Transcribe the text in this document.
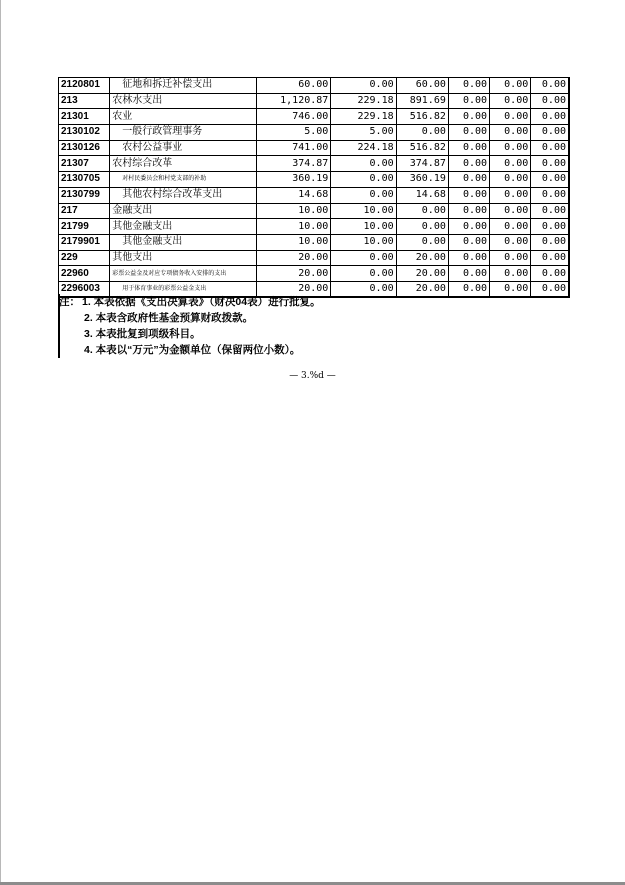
2120801	征地和拆迁补偿支出	60.00	0.00	60.00	0.00	0.00	0.00
213	农林水支出	1,120.87	229.18	891.69	0.00	0.00	0.00
21301	农业	746.00	229.18	516.82	0.00	0.00	0.00
2130102	一般行政管理事务	5.00	5.00	0.00	0.00	0.00	0.00
2130126	农村公益事业	741.00	224.18	516.82	0.00	0.00	0.00
21307	农村综合改革	374.87	0.00	374.87	0.00	0.00	0.00
2130705	对村民委员会和村党支部的补助	360.19	0.00	360.19	0.00	0.00	0.00
2130799	其他农村综合改革支出	14.68	0.00	14.68	0.00	0.00	0.00
217	金融支出	10.00	10.00	0.00	0.00	0.00	0.00
21799	其他金融支出	10.00	10.00	0.00	0.00	0.00	0.00
2179901	其他金融支出	10.00	10.00	0.00	0.00	0.00	0.00
229	其他支出	20.00	0.00	20.00	0.00	0.00	0.00
22960	彩票公益金及对应专项债务收入安排的支出	20.00	0.00	20.00	0.00	0.00	0.00
2296003	用于体育事业的彩票公益金支出	20.00	0.00	20.00	0.00	0.00	0.00
注： 1. 本表依据《支出决算表》（财决04表）进行批复。
2. 本表含政府性基金预算财政拨款。
3. 本表批复到项级科目。
4. 本表以“万元”为金额单位（保留两位小数）。
— 3.%d —
